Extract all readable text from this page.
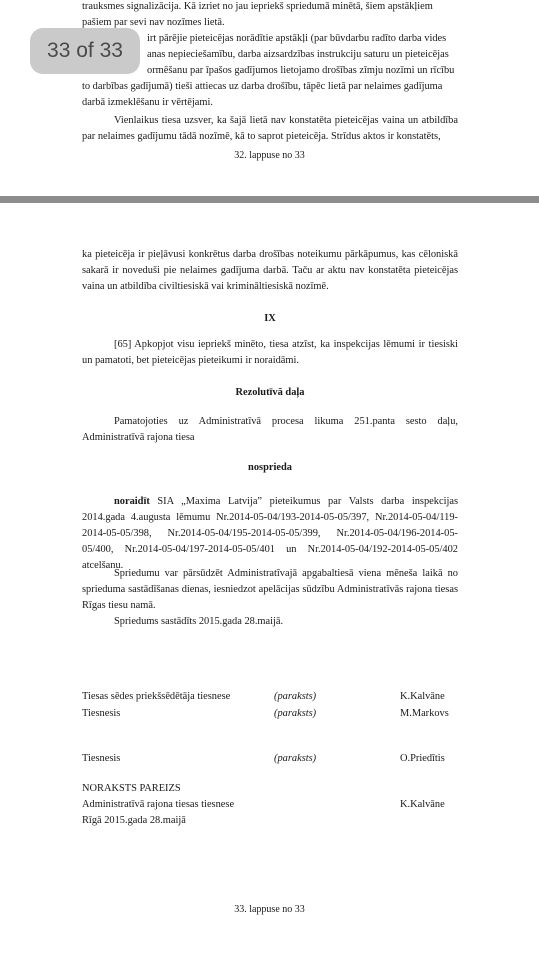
trauksmes signalizācija. Kā izriet no jau iepriekš spriedumā minētā, šiem apstākļiem
pašiem par sevi nav nozīmes lietā.
irt pārējie pieteicējas norādītie apstākļi (par būvdarbu radīto darba vides
anas nepieciešamību, darba aizsardzības instrukciju saturu un pieteicējas
ormēšanu par īpašos gadījumos lietojamo drošības zīmju nozīmi un rīcību
to darbības gadījumā) tieši attiecas uz darba drošību, tāpēc lietā par nelaimes gadījuma
darbā izmeklēšanu ir vērtējami.
Vienlaikus tiesa uzsver, ka šajā lietā nav konstatēta pieteicējas vaina un atbildība par nelaimes gadījumu tādā nozīmē, kā to saprot pieteicēja. Strīdus aktos ir konstatēts,
32. lappuse no 33
ka pieteicēja ir pieļāvusi konkrētus darba drošības noteikumu pārkāpumus, kas cēloniskā sakarā ir noveduši pie nelaimes gadījuma darbā. Taču ar aktu nav konstatēta pieteicējas vaina un atbildība civiltiesiskā vai krimināltiesiskā nozīmē.
IX
[65] Apkopjot visu iepriekš minēto, tiesa atzīst, ka inspekcijas lēmumi ir tiesiski un pamatoti, bet pieteicējas pieteikumi ir noraidāmi.
Rezolutīvā daļa
Pamatojoties uz Administratīvā procesa likuma 251.panta sesto daļu, Administratīvā rajona tiesa
nosprieda
noraidīt SIA „Maxima Latvija” pieteikumus par Valsts darba inspekcijas 2014.gada 4.augusta lēmumu Nr.2014-05-04/193-2014-05-05/397, Nr.2014-05-04/119-2014-05-05/398, Nr.2014-05-04/195-2014-05-05/399, Nr.2014-05-04/196-2014-05-05/400, Nr.2014-05-04/197-2014-05-05/401 un Nr.2014-05-04/192-2014-05-05/402 atcelšanu.
Spriedumu var pārsūdzēt Administratīvajā apgabaltiesā viena mēneša laikā no sprieduma sastādīšanas dienas, iesniedzot apelācijas sūdzību Administratīvās rajona tiesas Rīgas tiesu namā.
Spriedums sastādīts 2015.gada 28.maijā.
Tiesas sēdes priekšsēdētāja tiesnese	(paraksts)	K.Kalvāne
Tiesnesis	(paraksts)	M.Markovs
Tiesnesis	(paraksts)	O.Priedītis
NORAKSTS PAREIZS
Administratīvā rajona tiesas tiesnese	K.Kalvāne
Rīgā 2015.gada 28.maijā
33. lappuse no 33
33 of 33
